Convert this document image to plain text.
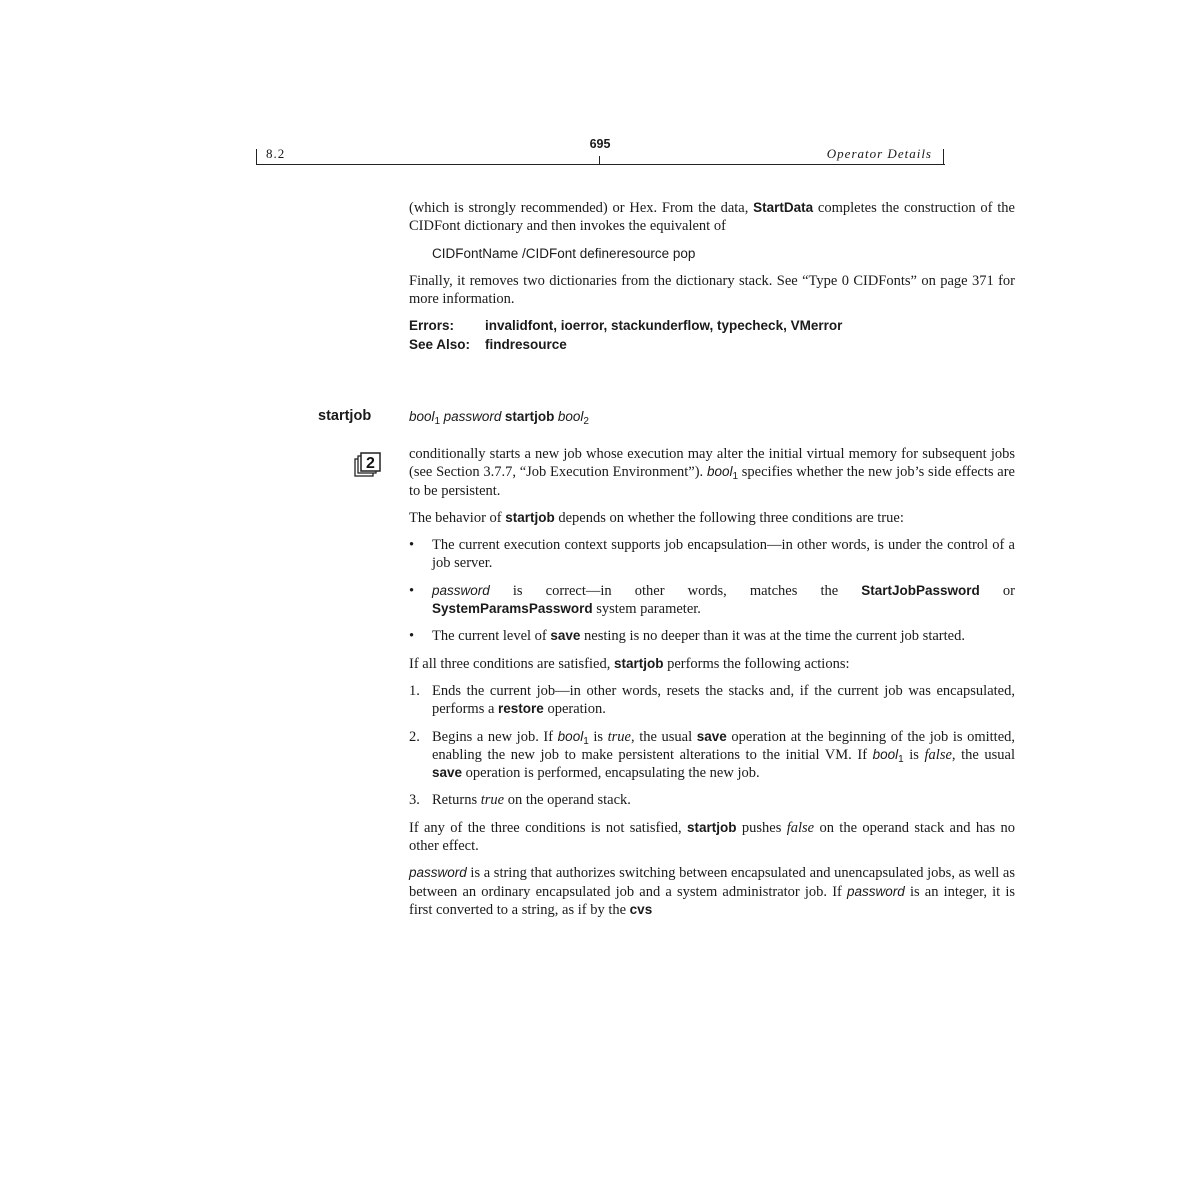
8.2
695
Operator Details

(which is strongly recommended) or Hex. From the data, StartData completes the construction of the CIDFont dictionary and then invokes the equivalent of

CIDFontName /CIDFont defineresource pop

Finally, it removes two dictionaries from the dictionary stack. See “Type 0 CIDFonts” on page 371 for more information.

Errors: invalidfont, ioerror, stackunderflow, typecheck, VMerror
See Also: findresource
startjob	bool$_1$ password startjob bool$_2$
2

conditionally starts a new job whose execution may alter the initial virtual memory for subsequent jobs (see Section 3.7.7, “Job Execution Environment”). bool$_1$ specifies whether the new job’s side effects are to be persistent.

The behavior of startjob depends on whether the following three conditions are true:

• The current execution context supports job encapsulation—in other words, is under the control of a job server.
• password is correct—in other words, matches the StartJobPassword or SystemParamsPassword system parameter.
• The current level of save nesting is no deeper than it was at the time the current job started.

If all three conditions are satisfied, startjob performs the following actions:

1. Ends the current job—in other words, resets the stacks and, if the current job was encapsulated, performs a restore operation.
2. Begins a new job. If bool$_1$ is true, the usual save operation at the beginning of the job is omitted, enabling the new job to make persistent alterations to the initial VM. If bool$_1$ is false, the usual save operation is performed, encapsulating the new job.
3. Returns true on the operand stack.

If any of the three conditions is not satisfied, startjob pushes false on the operand stack and has no other effect.

password is a string that authorizes switching between encapsulated and unencapsulated jobs, as well as between an ordinary encapsulated job and a system administrator job. If password is an integer, it is first converted to a string, as if by the cvs
